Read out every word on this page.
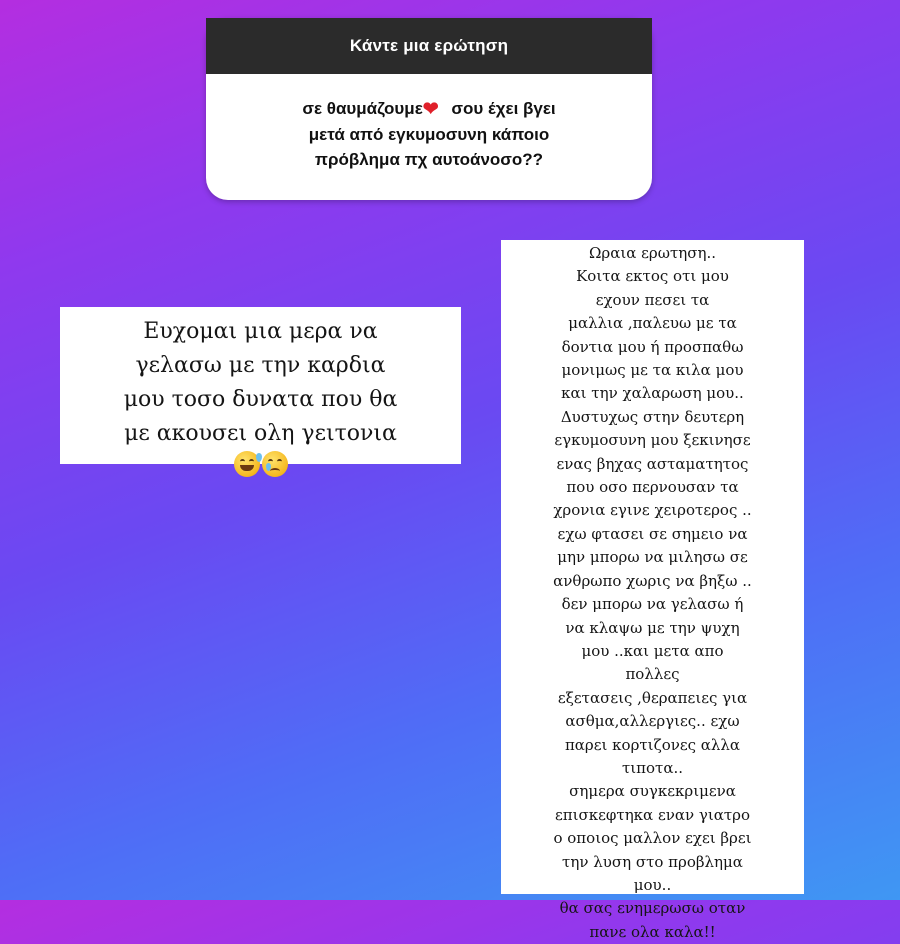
Κάντε μια ερώτηση
σε θαυμάζουμε❤ σου έχει βγει
μετά από εγκυμοσυνη κάποιο
πρόβλημα πχ αυτοάνοσο??
Ευχομαι μια μερα να
γελασω με την καρδια
μου τοσο δυνατα που θα
με ακουσει ολη γειτονια
Ωραια ερωτηση..
Κοιτα εκτος οτι μου
εχουν πεσει τα
μαλλια ,παλευω με τα
δοντια μου ή προσπαθω
μονιμως με τα κιλα μου
και την χαλαρωση μου..
Δυστυχως στην δευτερη
εγκυμοσυνη μου ξεκινησε
ενας βηχας ασταματητος
που οσο περνουσαν τα
χρονια εγινε χειροτερος ..
εχω φτασει σε σημειο να
μην μπορω να μιλησω σε
ανθρωπο χωρις να βηξω ..
δεν μπορω να γελασω ή
να κλαψω με την ψυχη
μου ..και μετα απο
πολλες
εξετασεις ,θεραπειες για
ασθμα,αλλεργιες.. εχω
παρει κορτιζονες αλλα
τιποτα..
σημερα συγκεκριμενα
επισκεφτηκα εναν γιατρο
ο οποιος μαλλον εχει βρει
την λυση στο προβλημα
μου..
θα σας ενημερωσω οταν
πανε ολα καλα!!
